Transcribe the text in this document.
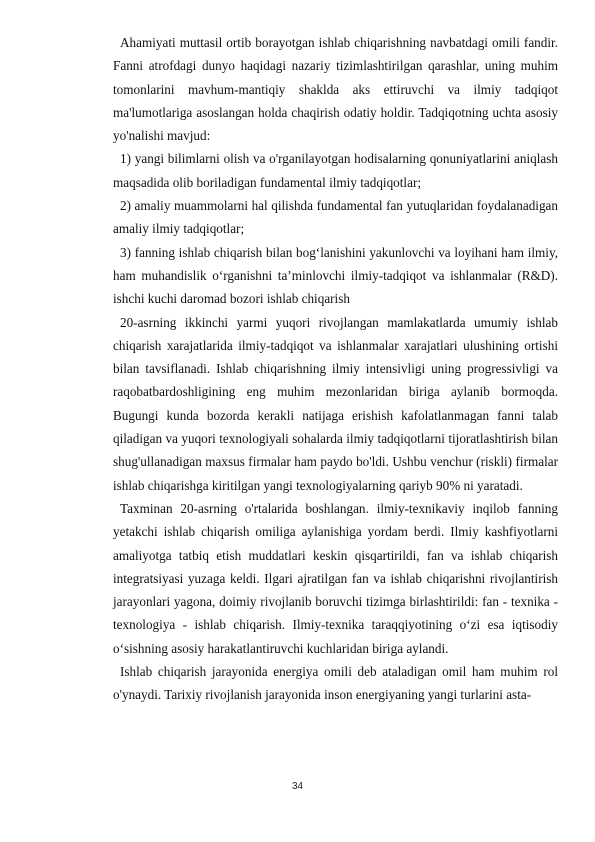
Ahamiyati muttasil ortib borayotgan ishlab chiqarishning navbatdagi omili fandir. Fanni atrofdagi dunyo haqidagi nazariy tizimlashtirilgan qarashlar, uning muhim tomonlarini mavhum-mantiqiy shaklda aks ettiruvchi va ilmiy tadqiqot ma'lumotlariga asoslangan holda chaqirish odatiy holdir. Tadqiqotning uchta asosiy yo'nalishi mavjud:

1) yangi bilimlarni olish va o'rganilayotgan hodisalarning qonuniyatlarini aniqlash maqsadida olib boriladigan fundamental ilmiy tadqiqotlar;

2) amaliy muammolarni hal qilishda fundamental fan yutuqlaridan foydalanadigan amaliy ilmiy tadqiqotlar;

3) fanning ishlab chiqarish bilan bog‘lanishini yakunlovchi va loyihani ham ilmiy, ham muhandislik o‘rganishni ta’minlovchi ilmiy-tadqiqot va ishlanmalar (R&D). ishchi kuchi daromad bozori ishlab chiqarish

20-asrning ikkinchi yarmi yuqori rivojlangan mamlakatlarda umumiy ishlab chiqarish xarajatlarida ilmiy-tadqiqot va ishlanmalar xarajatlari ulushining ortishi bilan tavsiflanadi. Ishlab chiqarishning ilmiy intensivligi uning progressivligi va raqobatbardoshligining eng muhim mezonlaridan biriga aylanib bormoqda. Bugungi kunda bozorda kerakli natijaga erishish kafolatlanmagan fanni talab qiladigan va yuqori texnologiyali sohalarda ilmiy tadqiqotlarni tijoratlashtirish bilan shug'ullanadigan maxsus firmalar ham paydo bo'ldi. Ushbu venchur (riskli) firmalar ishlab chiqarishga kiritilgan yangi texnologiyalarning qariyb 90% ni yaratadi.

Taxminan 20-asrning o'rtalarida boshlangan. ilmiy-texnikaviy inqilob fanning yetakchi ishlab chiqarish omiliga aylanishiga yordam berdi. Ilmiy kashfiyotlarni amaliyotga tatbiq etish muddatlari keskin qisqartirildi, fan va ishlab chiqarish integratsiyasi yuzaga keldi. Ilgari ajratilgan fan va ishlab chiqarishni rivojlantirish jarayonlari yagona, doimiy rivojlanib boruvchi tizimga birlashtirildi: fan - texnika - texnologiya - ishlab chiqarish. Ilmiy-texnika taraqqiyotining o‘zi esa iqtisodiy o‘sishning asosiy harakatlantiruvchi kuchlaridan biriga aylandi.

Ishlab chiqarish jarayonida energiya omili deb ataladigan omil ham muhim rol o'ynaydi. Tarixiy rivojlanish jarayonida inson energiyaning yangi turlarini asta-

34
